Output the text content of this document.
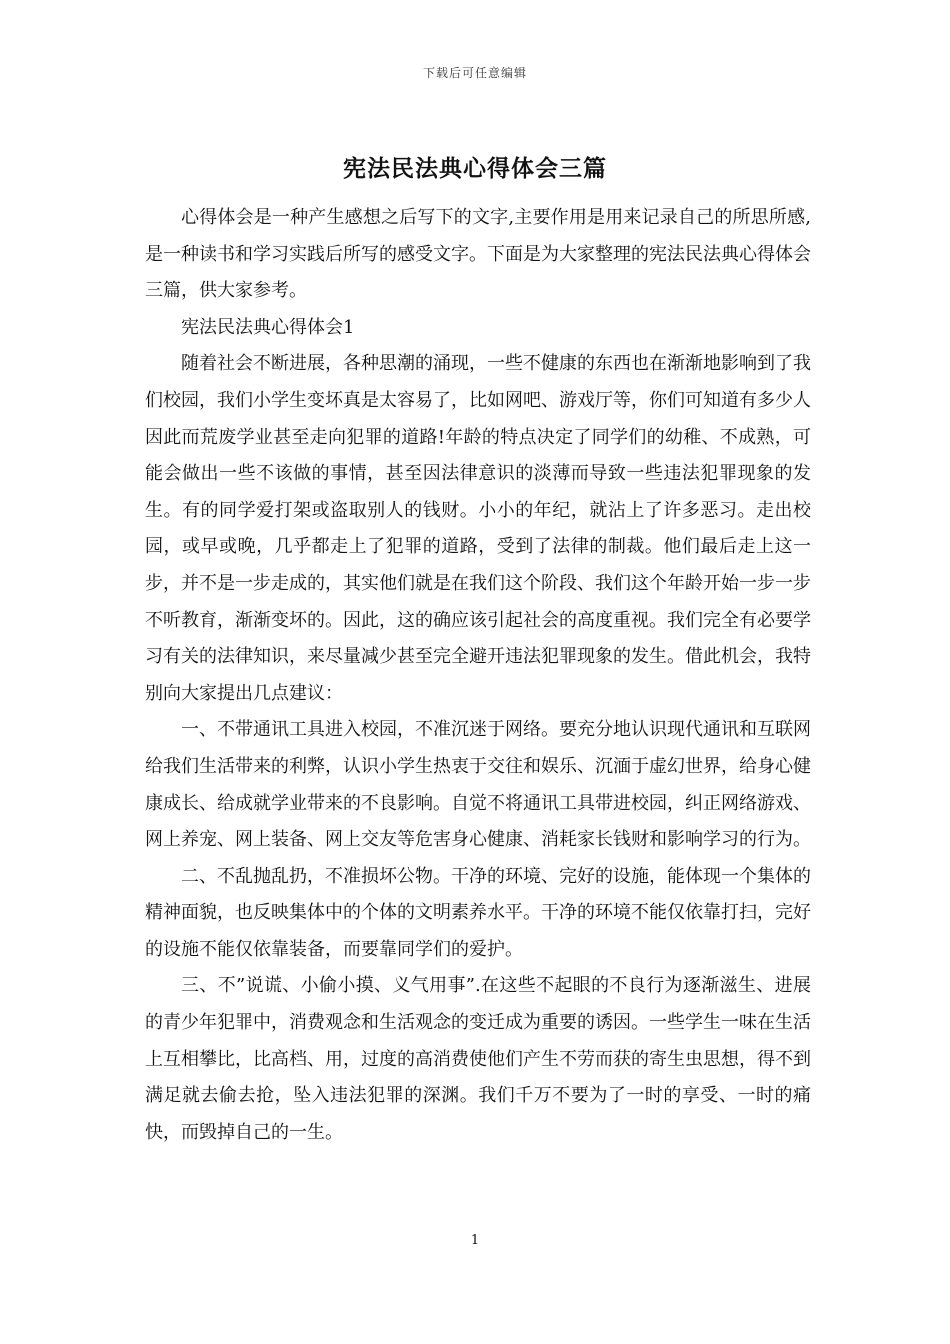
下载后可任意编辑
宪法民法典心得体会三篇

心得体会是一种产生感想之后写下的文字,主要作用是用来记录自己的所思所感,是一种读书和学习实践后所写的感受文字。下面是为大家整理的宪法民法典心得体会三篇，供大家参考。

宪法民法典心得体会1

随着社会不断进展，各种思潮的涌现，一些不健康的东西也在渐渐地影响到了我们校园，我们小学生变坏真是太容易了，比如网吧、游戏厅等，你们可知道有多少人因此而荒废学业甚至走向犯罪的道路!年龄的特点决定了同学们的幼稚、不成熟，可能会做出一些不该做的事情，甚至因法律意识的淡薄而导致一些违法犯罪现象的发生。有的同学爱打架或盗取别人的钱财。小小的年纪，就沾上了许多恶习。走出校园，或早或晚，几乎都走上了犯罪的道路，受到了法律的制裁。他们最后走上这一步，并不是一步走成的，其实他们就是在我们这个阶段、我们这个年龄开始一步一步不听教育，渐渐变坏的。因此，这的确应该引起社会的高度重视。我们完全有必要学习有关的法律知识，来尽量减少甚至完全避开违法犯罪现象的发生。借此机会，我特别向大家提出几点建议：

一、不带通讯工具进入校园，不准沉迷于网络。要充分地认识现代通讯和互联网给我们生活带来的利弊，认识小学生热衷于交往和娱乐、沉湎于虚幻世界，给身心健康成长、给成就学业带来的不良影响。自觉不将通讯工具带进校园，纠正网络游戏、网上养宠、网上装备、网上交友等危害身心健康、消耗家长钱财和影响学习的行为。

二、不乱抛乱扔，不准损坏公物。干净的环境、完好的设施，能体现一个集体的精神面貌，也反映集体中的个体的文明素养水平。干净的环境不能仅依靠打扫，完好的设施不能仅依靠装备，而要靠同学们的爱护。

三、不”说谎、小偷小摸、义气用事”.在这些不起眼的不良行为逐渐滋生、进展的青少年犯罪中，消费观念和生活观念的变迁成为重要的诱因。一些学生一味在生活上互相攀比，比高档、用，过度的高消费使他们产生不劳而获的寄生虫思想，得不到满足就去偷去抢，坠入违法犯罪的深渊。我们千万不要为了一时的享受、一时的痛快，而毁掉自己的一生。

1
